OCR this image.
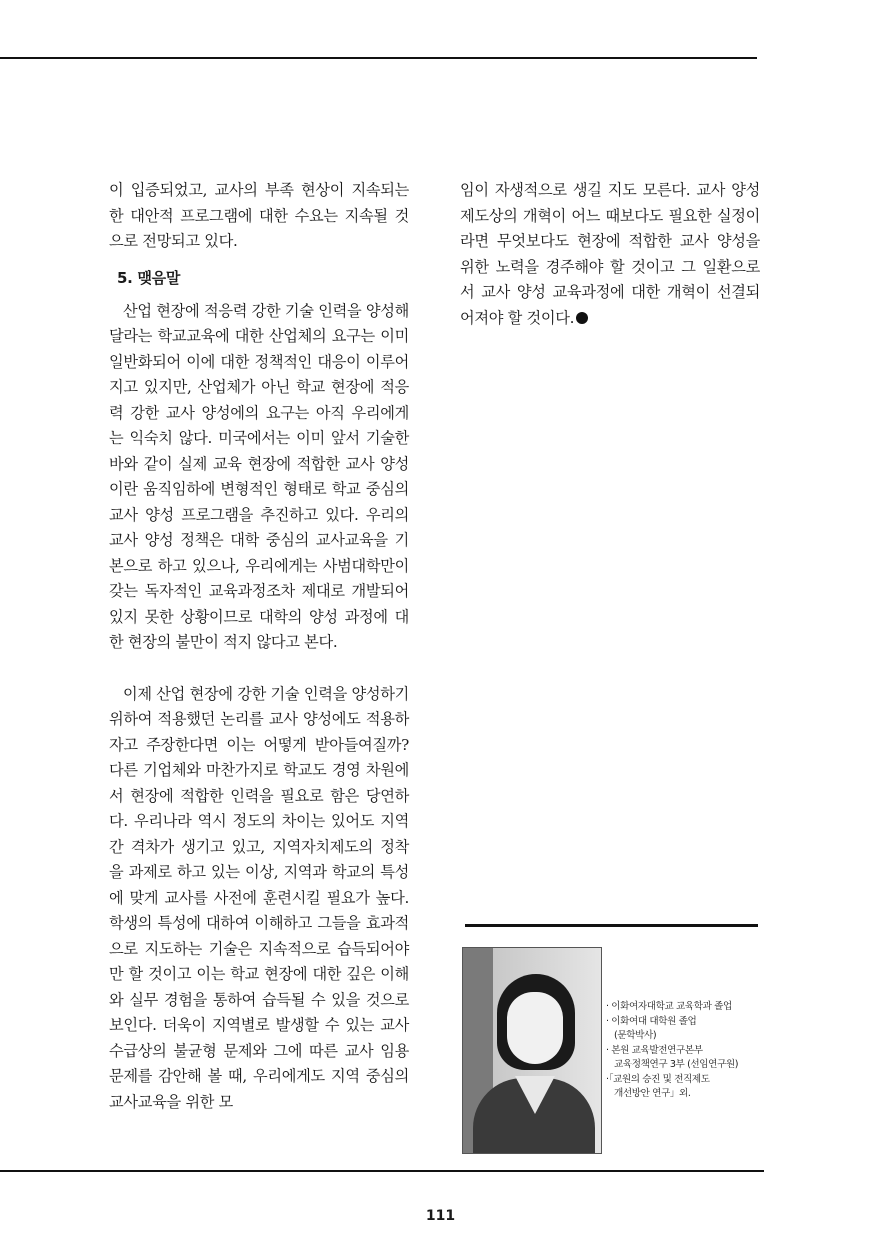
이 입증되었고, 교사의 부족 현상이 지속되는 한 대안적 프로그램에 대한 수요는 지속될 것으로 전망되고 있다.

5. 맺음말

산업 현장에 적응력 강한 기술 인력을 양성해 달라는 학교교육에 대한 산업체의 요구는 이미 일반화되어 이에 대한 정책적인 대응이 이루어지고 있지만, 산업체가 아닌 학교 현장에 적응력 강한 교사 양성에의 요구는 아직 우리에게는 익숙치 않다. 미국에서는 이미 앞서 기술한 바와 같이 실제 교육 현장에 적합한 교사 양성이란 움직임하에 변형적인 형태로 학교 중심의 교사 양성 프로그램을 추진하고 있다. 우리의 교사 양성 정책은 대학 중심의 교사교육을 기본으로 하고 있으나, 우리에게는 사범대학만이 갖는 독자적인 교육과정조차 제대로 개발되어 있지 못한 상황이므로 대학의 양성 과정에 대한 현장의 불만이 적지 않다고 본다.

이제 산업 현장에 강한 기술 인력을 양성하기 위하여 적용했던 논리를 교사 양성에도 적용하자고 주장한다면 이는 어떻게 받아들여질까? 다른 기업체와 마찬가지로 학교도 경영 차원에서 현장에 적합한 인력을 필요로 함은 당연하다. 우리나라 역시 정도의 차이는 있어도 지역간 격차가 생기고 있고, 지역자치제도의 정착을 과제로 하고 있는 이상, 지역과 학교의 특성에 맞게 교사를 사전에 훈련시킬 필요가 높다. 학생의 특성에 대하여 이해하고 그들을 효과적으로 지도하는 기술은 지속적으로 습득되어야만 할 것이고 이는 학교 현장에 대한 깊은 이해와 실무 경험을 통하여 습득될 수 있을 것으로 보인다. 더욱이 지역별로 발생할 수 있는 교사 수급상의 불균형 문제와 그에 따른 교사 임용 문제를 감안해 볼 때, 우리에게도 지역 중심의 교사교육을 위한 모

임이 자생적으로 생길 지도 모른다. 교사 양성제도상의 개혁이 어느 때보다도 필요한 실정이라면 무엇보다도 현장에 적합한 교사 양성을 위한 노력을 경주해야 할 것이고 그 일환으로서 교사 양성 교육과정에 대한 개혁이 선결되어져야 할 것이다.

· 이화여자대학교 교육학과 졸업
· 이화여대 대학원 졸업
(문학박사)
· 본원 교육발전연구본부
교육정책연구 3부 (선임연구원)
·「교원의 승진 및 전직제도
개선방안 연구」외.
111
